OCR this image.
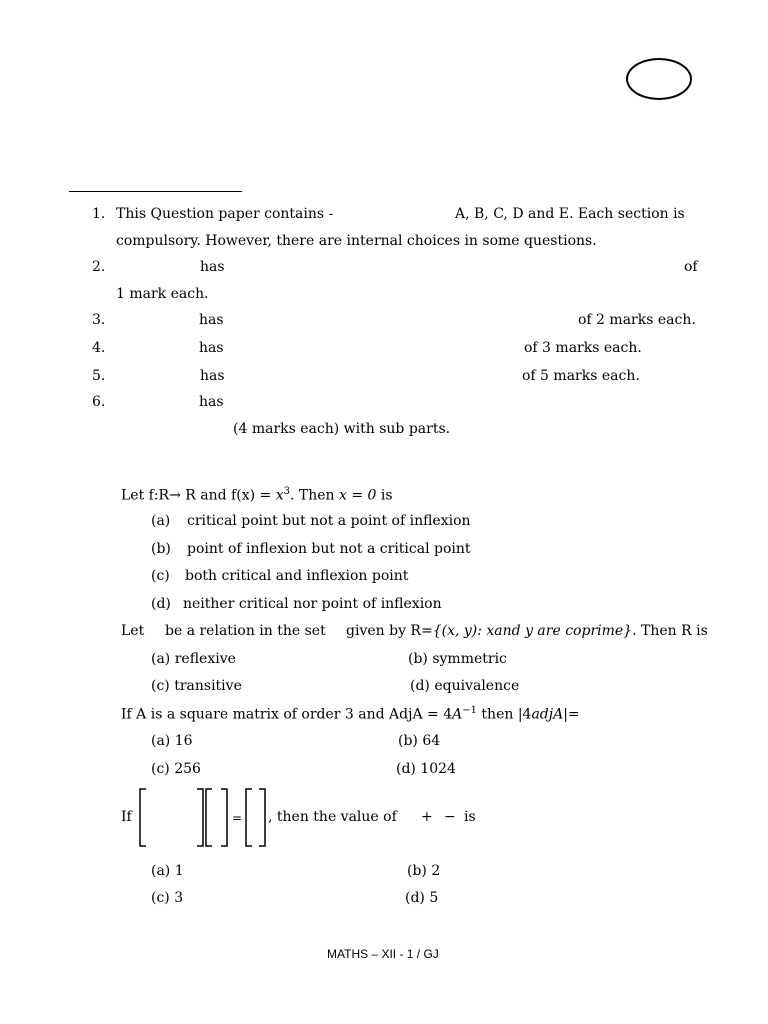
1. This Question paper contains -	A, B, C, D and E. Each section is
compulsory. However, there are internal choices in some questions.
2.	has	of
1 mark each.
3.	has	of 2 marks each.
4.	has	of 3 marks each.
5.	has	of 5 marks each.
6.	has
(4 marks each) with sub parts.
Let f:R→ R and $f(x) = x^3$. Then x = 0 is
(a) critical point but not a point of inflexion
(b) point of inflexion but not a critical point
(c) both critical and inflexion point
(d) neither critical nor point of inflexion
Let be a relation in the set given by R={(x, y): xand y are coprime}. Then R is
(a) reflexive	(b) symmetric
(c) transitive	(d) equivalence
If A is a square matrix of order 3 and AdjA = $4A^{-1}$ then |4adjA|=
(a) 16	(b) 64
(c) 256	(d) 1024
If	= , then the value of + − is
(a) 1	(b) 2
(c) 3	(d) 5
MATHS – XII - 1 / GJ
